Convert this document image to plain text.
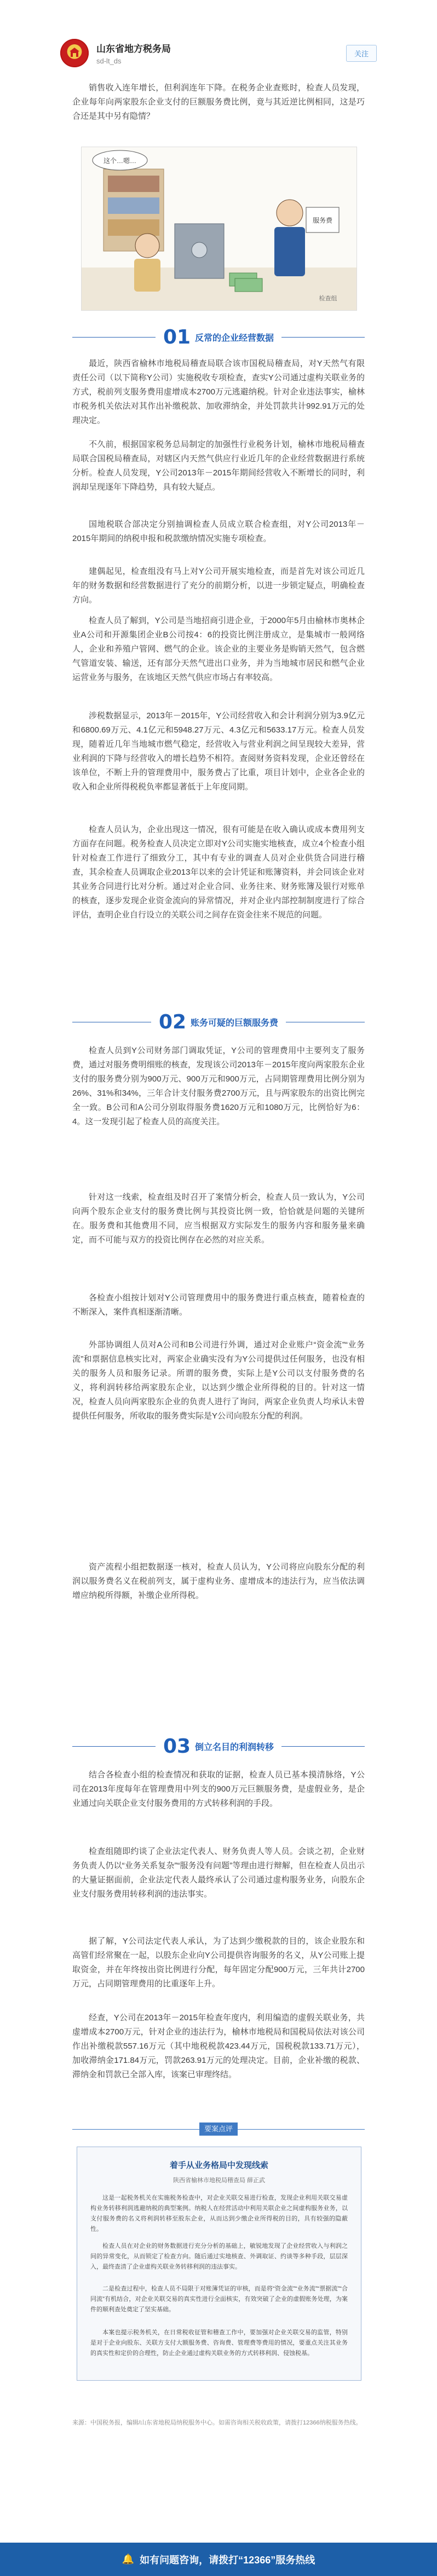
山东省地方税务局
sd-lt_ds
关注

销售收入连年增长，但利润连年下降。在税务企业查账时，检查人员发现，企业每年向两家股东企业支付的巨额服务费比例，竟与其近逆比例相同，这是巧合还是其中另有隐情？

服务费
这个…嗯…
检查组
01 反常的企业经营数据

最近，陕西省榆林市地税局稽查局联合该市国税局稽查局，对Y天然气有限责任公司（以下简称Y公司）实施税收专项检查，查实Y公司通过虚构关联业务的方式，税前列支服务费用虚增成本2700万元逃避纳税。针对企业违法事实，榆林市税务机关依法对其作出补缴税款、加收滞纳金，并处罚款共计992.91万元的处理决定。

不久前，根据国家税务总局制定的加强性行业税务计划，榆林市地税局稽查局联合国税局稽查局，对辖区内天然气供应行业近几年的企业经营数据进行系统分析。检查人员发现，Y公司2013年－2015年期间经营收入不断增长的同时，利润却呈现逐年下降趋势，具有较大疑点。

国地税联合部决定分别抽调检查人员成立联合检查组，对Y公司2013年－2015年期间的纳税申报和税款缴纳情况实施专项检查。

建偶起见，检查组没有马上对Y公司开展实地检查，而是首先对该公司近几年的财务数据和经营数据进行了充分的前期分析，以进一步锁定疑点，明确检查方向。

检查人员了解到，Y公司是当地招商引进企业，于2000年5月由榆林市奥林企业A公司和开源集团企业B公司按4：6的投资比例注册成立，是集城市一般网络人，企业和养殖户管网、燃气的企业。该企业的主要业务是购销天然气，包含燃气管道安装、输送，还有部分天然气进出口业务，并为当地城市居民和燃气企业运营业务与服务，在该地区天然气供应市场占有率较高。

涉税数据显示，2013年－2015年，Y公司经营收入和会计利润分别为3.9亿元和6800.69万元、4.1亿元和5948.27万元、4.3亿元和5633.17万元。检查人员发现，随着近几年当地城市燃气稳定，经营收入与营业利润之间呈现较大差异，营业利润的下降与经营收入的增长趋势不相符。查阅财务资料发现，企业还曾经在该单位，不断上升的管理费用中，服务费占了比重，项目计划中，企业各企业的收入和企业所得税税负率都显著低于上年度同期。

检查人员认为，企业出现这一情况，很有可能是在收入确认或成本费用列支方面存在问题。税务检查人员决定立即对Y公司实施实地核查，成立4个检查小组针对检查工作进行了细致分工，其中有专业的调查人员对企业供货合同进行稽查，其余检查人员调取企业2013年以来的会计凭证和账簿资料，并会同该企业对其业务合同进行比对分析。通过对企业合同、业务往来、财务账簿及银行对账单的核查，逐步发现企业资金流向的异常情况，并对企业内部控制制度进行了综合评估，查明企业自行设立的关联公司之间存在资金往来不规范的问题。

02 账务可疑的巨额服务费

检查人员到Y公司财务部门调取凭证，Y公司的管理费用中主要列支了服务费，通过对服务费明细账的核查，发现该公司2013年－2015年度向两家股东企业支付的服务费分别为900万元、900万元和900万元，占同期管理费用比例分别为26%、31%和34%，三年合计支付服务费2700万元，且与两家股东的出资比例完全一致。B公司和A公司分别取得服务费1620万元和1080万元，比例恰好为6：4。这一发现引起了检查人员的高度关注。

针对这一线索，检查组及时召开了案情分析会，检查人员一致认为，Y公司向两个股东企业支付的服务费比例与其投资比例一致，恰恰就是问题的关键所在。服务费和其他费用不同，应当根据双方实际发生的服务内容和服务量来确定，而不可能与双方的投资比例存在必然的对应关系。

各检查小组按计划对Y公司管理费用中的服务费进行重点核查，随着检查的不断深入，案件真相逐渐清晰。

外部协调组人员对A公司和B公司进行外调，通过对企业账户“资金流”“业务流”和票据信息核实比对，两家企业确实没有为Y公司提供过任何服务，也没有相关的服务人员和服务记录。所谓的服务费，实际上是Y公司以支付服务费的名义，将利润转移给两家股东企业，以达到少缴企业所得税的目的。针对这一情况，检查人员向两家股东企业的负责人进行了询问，两家企业负责人均承认未曾提供任何服务，所收取的服务费实际是Y公司向股东分配的利润。

资产流程小组把数据逐一核对，检查人员认为，Y公司将应向股东分配的利润以服务费名义在税前列支，属于虚构业务、虚增成本的违法行为，应当依法调增应纳税所得额，补缴企业所得税。

03 倒立名目的利润转移

结合各检查小组的检查情况和获取的证据，检查人员已基本摸清脉络，Y公司在2013年度每年在管理费用中列支的900万元巨额服务费，是虚假业务，是企业通过向关联企业支付服务费用的方式转移利润的手段。

检查组随即约谈了企业法定代表人、财务负责人等人员。会谈之初，企业财务负责人仍以“业务关系复杂”“服务没有问题”等理由进行辩解，但在检查人员出示的大量证据面前，企业法定代表人最终承认了公司通过虚构服务业务，向股东企业支付服务费用转移利润的违法事实。

据了解，Y公司法定代表人承认，为了达到少缴税款的目的，该企业股东和高管们经常聚在一起，以股东企业向Y公司提供咨询服务的名义，从Y公司账上提取资金，并在年终按出资比例进行分配，每年固定分配900万元，三年共计2700万元，占同期管理费用的比重逐年上升。

经查，Y公司在2013年－2015年检查年度内，利用编造的虚假关联业务，共虚增成本2700万元，针对企业的违法行为，榆林市地税局和国税局依法对该公司作出补缴税款557.16万元（其中地税税款423.44万元，国税税款133.71万元），加收滞纳金171.84万元，罚款263.91万元的处理决定。目前，企业补缴的税款、滞纳金和罚款已全部入库，该案已审理终结。

要案点评
着手从业务格局中发现线索
陕西省榆林市地税局稽查局 薛正武

这是一起税务机关在实施税务检查中，对企业关联交易进行检查，发现企业利用关联交易虚构业务转移利润逃避纳税的典型案例。纳税人在经营活动中利用关联企业之间虚构服务业务，以支付服务费的名义将利润转移至股东企业，从而达到少缴企业所得税的目的，具有较强的隐蔽性。

检查人员在对企业的财务数据进行充分分析的基础上，敏锐地发现了企业经营收入与利润之间的异常变化，从而锁定了检查方向。随后通过实地核查、外调取证、约谈等多种手段，层层深入，最终查清了企业虚构关联业务转移利润的违法事实。

二是检查过程中，检查人员不局限于对账簿凭证的审核，而是将“资金流”“业务流”“票据流”“合同流”有机结合，对企业关联交易的真实性进行全面核实，有效突破了企业的虚假账务处理，为案件的顺利查处奠定了坚实基础。

本案也提示税务机关，在日常税收征管和稽查工作中，要加强对企业关联交易的监管，特别是对于企业向股东、关联方支付大额服务费、咨询费、管理费等费用的情况，要重点关注其业务的真实性和定价的合理性，防止企业通过虚构关联业务的方式转移利润、侵蚀税基。

来源：中国税务报，编辑/山东省地税局纳税服务中心。如需咨询相关税收政策，请拨打12366纳税服务热线。

🔔 如有问题咨询，请拨打“12366”服务热线
